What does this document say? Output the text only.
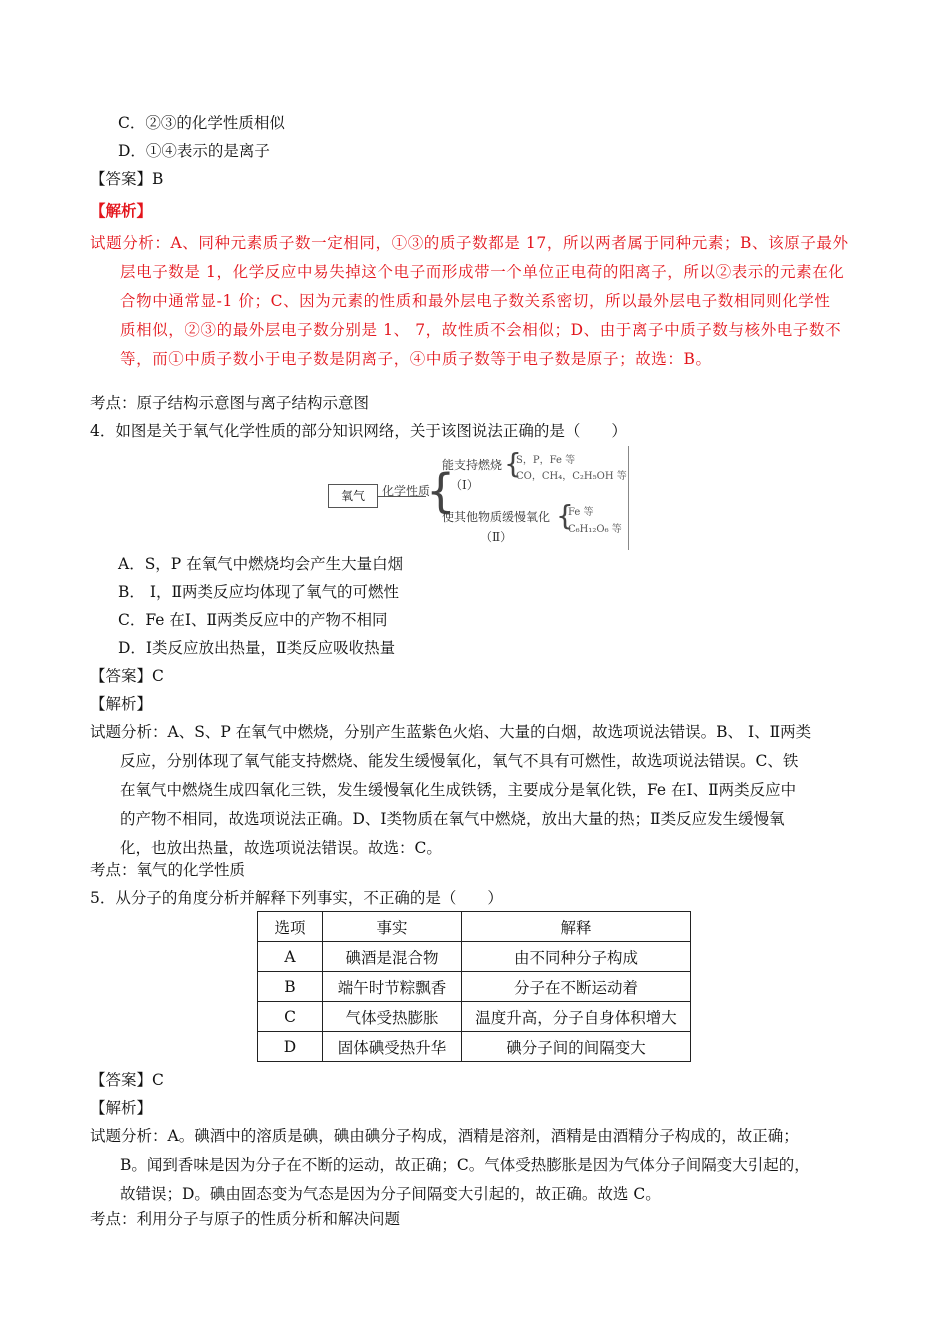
C．②③的化学性质相似
D．①④表示的是离子
【答案】B
【解析】
试题分析：A、同种元素质子数一定相同，①③的质子数都是 17，所以两者属于同种元素；B、该原子最外
层电子数是 1，化学反应中易失掉这个电子而形成带一个单位正电荷的阳离子，所以②表示的元素在化
合物中通常显-1 价；C、因为元素的性质和最外层电子数关系密切，所以最外层电子数相同则化学性
质相似，②③的最外层电子数分别是 1、 7，故性质不会相似；D、由于离子中质子数与核外电子数不
等，而①中质子数小于电子数是阴离子，④中质子数等于电子数是原子；故选：B。
考点：原子结构示意图与离子结构示意图
4．如图是关于氧气化学性质的部分知识网络，关于该图说法正确的是（　　）
氧气	化学性质
{
能支持燃烧
（Ⅰ）
{
S，P，Fe 等
CO，CH₄，C₂H₅OH 等
使其他物质缓慢氧化
（Ⅱ）
{
Fe 等
C₆H₁₂O₆ 等
A．S，P 在氧气中燃烧均会产生大量白烟
B． Ⅰ，Ⅱ两类反应均体现了氧气的可燃性
C．Fe 在Ⅰ、Ⅱ两类反应中的产物不相同
D．Ⅰ类反应放出热量，Ⅱ类反应吸收热量
【答案】C
【解析】
试题分析：A、S、P 在氧气中燃烧，分别产生蓝紫色火焰、大量的白烟，故选项说法错误。B、 Ⅰ、Ⅱ两类
反应，分别体现了氧气能支持燃烧、能发生缓慢氧化，氧气不具有可燃性，故选项说法错误。C、铁
在氧气中燃烧生成四氧化三铁，发生缓慢氧化生成铁锈，主要成分是氧化铁，Fe 在Ⅰ、Ⅱ两类反应中
的产物不相同，故选项说法正确。D、Ⅰ类物质在氧气中燃烧，放出大量的热；Ⅱ类反应发生缓慢氧
化，也放出热量，故选项说法错误。故选：C。
考点：氧气的化学性质
5．从分子的角度分析并解释下列事实，不正确的是（　　）
选项	事实	解释
A	碘酒是混合物	由不同种分子构成
B	端午时节粽飘香	分子在不断运动着
C	气体受热膨胀	温度升高，分子自身体积增大
D	固体碘受热升华	碘分子间的间隔变大
【答案】C
【解析】
试题分析：A。碘酒中的溶质是碘，碘由碘分子构成，酒精是溶剂，酒精是由酒精分子构成的，故正确；
B。闻到香味是因为分子在不断的运动，故正确；C。气体受热膨胀是因为气体分子间隔变大引起的，
故错误；D。碘由固态变为气态是因为分子间隔变大引起的，故正确。故选 C。
考点：利用分子与原子的性质分析和解决问题
